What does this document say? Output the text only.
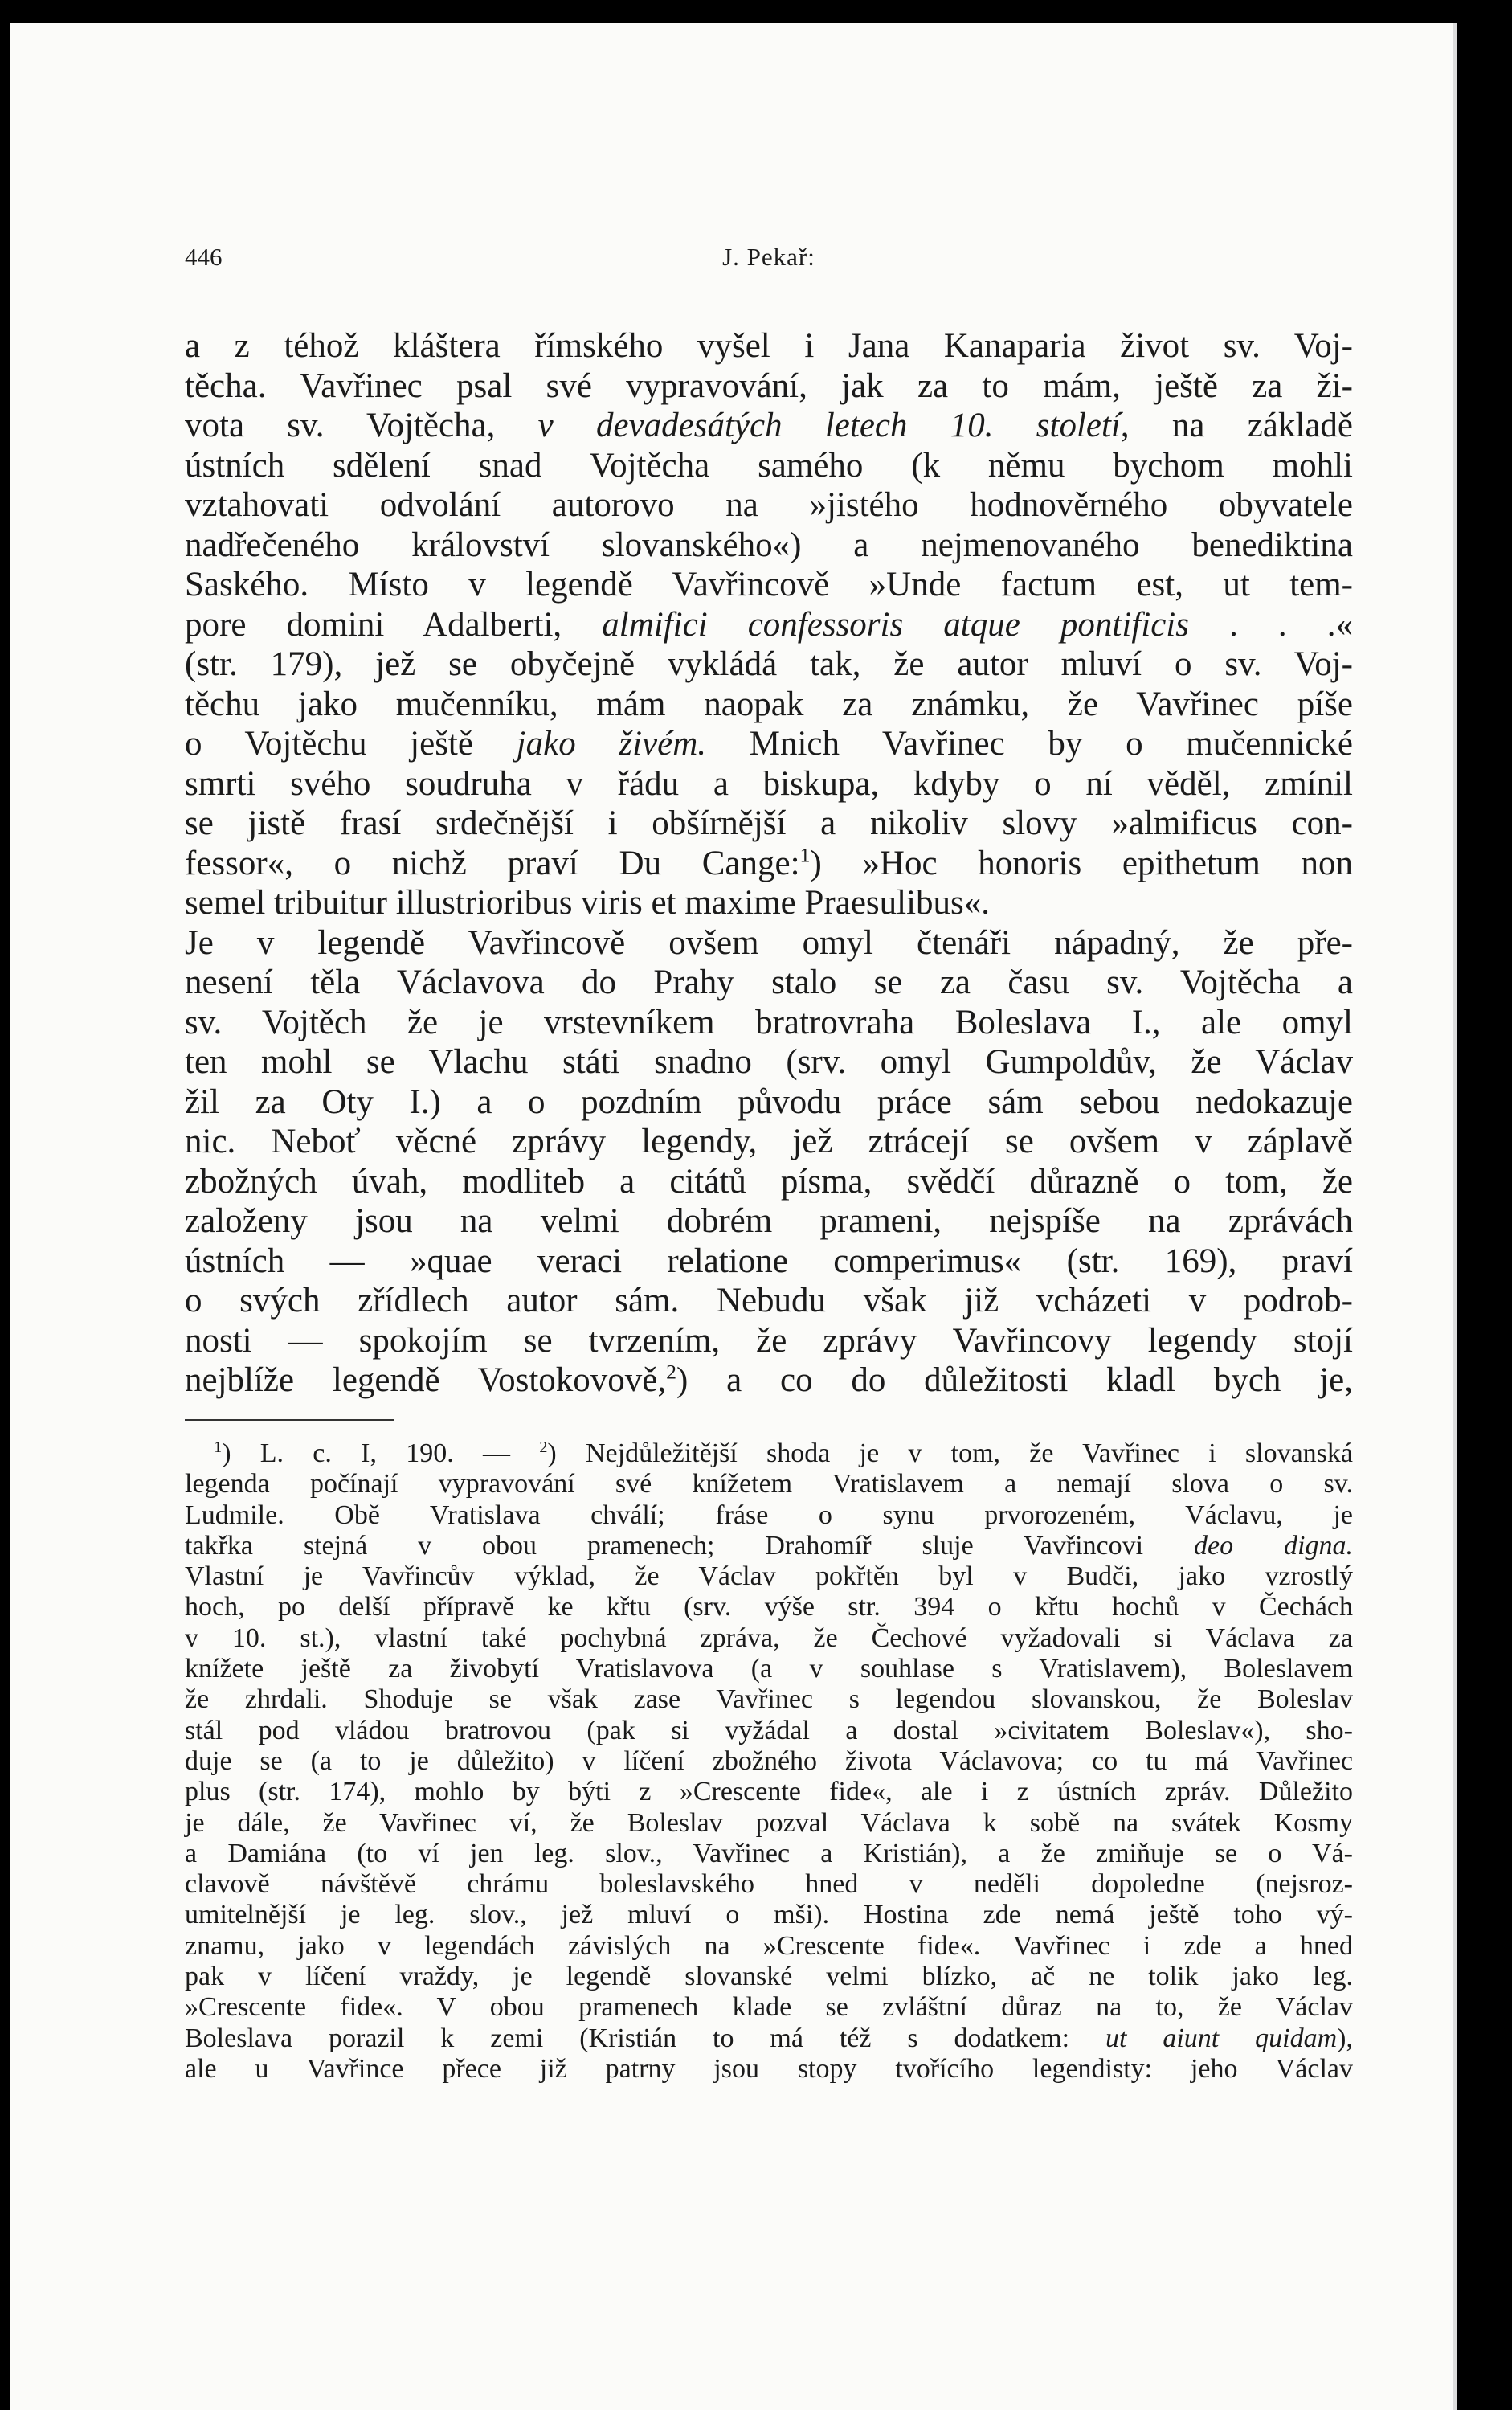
446	J. Pekař:
a z téhož kláštera římského vyšel i Jana Kanaparia život sv. Voj-
těcha. Vavřinec psal své vypravování, jak za to mám, ještě za ži-
vota sv. Vojtěcha, v devadesátých letech 10. století, na základě
ústních sdělení snad Vojtěcha samého (k němu bychom mohli
vztahovati odvolání autorovo na »jistého hodnověrného obyvatele
nadřečeného království slovanského«) a nejmenovaného benediktina
Saského. Místo v legendě Vavřincově »Unde factum est, ut tem-
pore domini Adalberti, almifici confessoris atque pontificis . . .«
(str. 179), jež se obyčejně vykládá tak, že autor mluví o sv. Voj-
těchu jako mučenníku, mám naopak za známku, že Vavřinec píše
o Vojtěchu ještě jako živém. Mnich Vavřinec by o mučennické
smrti svého soudruha v řádu a biskupa, kdyby o ní věděl, zmínil
se jistě frasí srdečnější i obšírnější a nikoliv slovy »almificus con-
fessor«, o nichž praví Du Cange:$^1$) »Hoc honoris epithetum non
semel tribuitur illustrioribus viris et maxime Praesulibus«.
Je v legendě Vavřincově ovšem omyl čtenáři nápadný, že pře-
nesení těla Václavova do Prahy stalo se za času sv. Vojtěcha a
sv. Vojtěch že je vrstevníkem bratrovraha Boleslava I., ale omyl
ten mohl se Vlachu státi snadno (srv. omyl Gumpoldův, že Václav
žil za Oty I.) a o pozdním původu práce sám sebou nedokazuje
nic. Neboť věcné zprávy legendy, jež ztrácejí se ovšem v záplavě
zbožných úvah, modliteb a citátů písma, svědčí důrazně o tom, že
založeny jsou na velmi dobrém prameni, nejspíše na zprávách
ústních — »quae veraci relatione comperimus« (str. 169), praví
o svých zřídlech autor sám. Nebudu však již vcházeti v podrob-
nosti — spokojím se tvrzením, že zprávy Vavřincovy legendy stojí
nejblíže legendě Vostokovově,$^2$) a co do důležitosti kladl bych je,
$^1$) L. c. I, 190. — $^2$) Nejdůležitější shoda je v tom, že Vavřinec i slovanská
legenda počínají vypravování své knížetem Vratislavem a nemají slova o sv.
Ludmile. Obě Vratislava chválí; fráse o synu prvorozeném, Václavu, je
takřka stejná v obou pramenech; Drahomíř sluje Vavřincovi deo digna.
Vlastní je Vavřincův výklad, že Václav pokřtěn byl v Budči, jako vzrostlý
hoch, po delší přípravě ke křtu (srv. výše str. 394 o křtu hochů v Čechách
v 10. st.), vlastní také pochybná zpráva, že Čechové vyžadovali si Václava za
knížete ještě za živobytí Vratislavova (a v souhlase s Vratislavem), Boleslavem
že zhrdali. Shoduje se však zase Vavřinec s legendou slovanskou, že Boleslav
stál pod vládou bratrovou (pak si vyžádal a dostal »civitatem Boleslav«), sho-
duje se (a to je důležito) v líčení zbožného života Václavova; co tu má Vavřinec
plus (str. 174), mohlo by býti z »Crescente fide«, ale i z ústních zpráv. Důležito
je dále, že Vavřinec ví, že Boleslav pozval Václava k sobě na svátek Kosmy
a Damiána (to ví jen leg. slov., Vavřinec a Kristián), a že zmiňuje se o Vá-
clavově návštěvě chrámu boleslavského hned v neděli dopoledne (nejsroz-
umitelnější je leg. slov., jež mluví o mši). Hostina zde nemá ještě toho vý-
znamu, jako v legendách závislých na »Crescente fide«. Vavřinec i zde a hned
pak v líčení vraždy, je legendě slovanské velmi blízko, ač ne tolik jako leg.
»Crescente fide«. V obou pramenech klade se zvláštní důraz na to, že Václav
Boleslava porazil k zemi (Kristián to má též s dodatkem: ut aiunt quidam),
ale u Vavřince přece již patrny jsou stopy tvořícího legendisty: jeho Václav
